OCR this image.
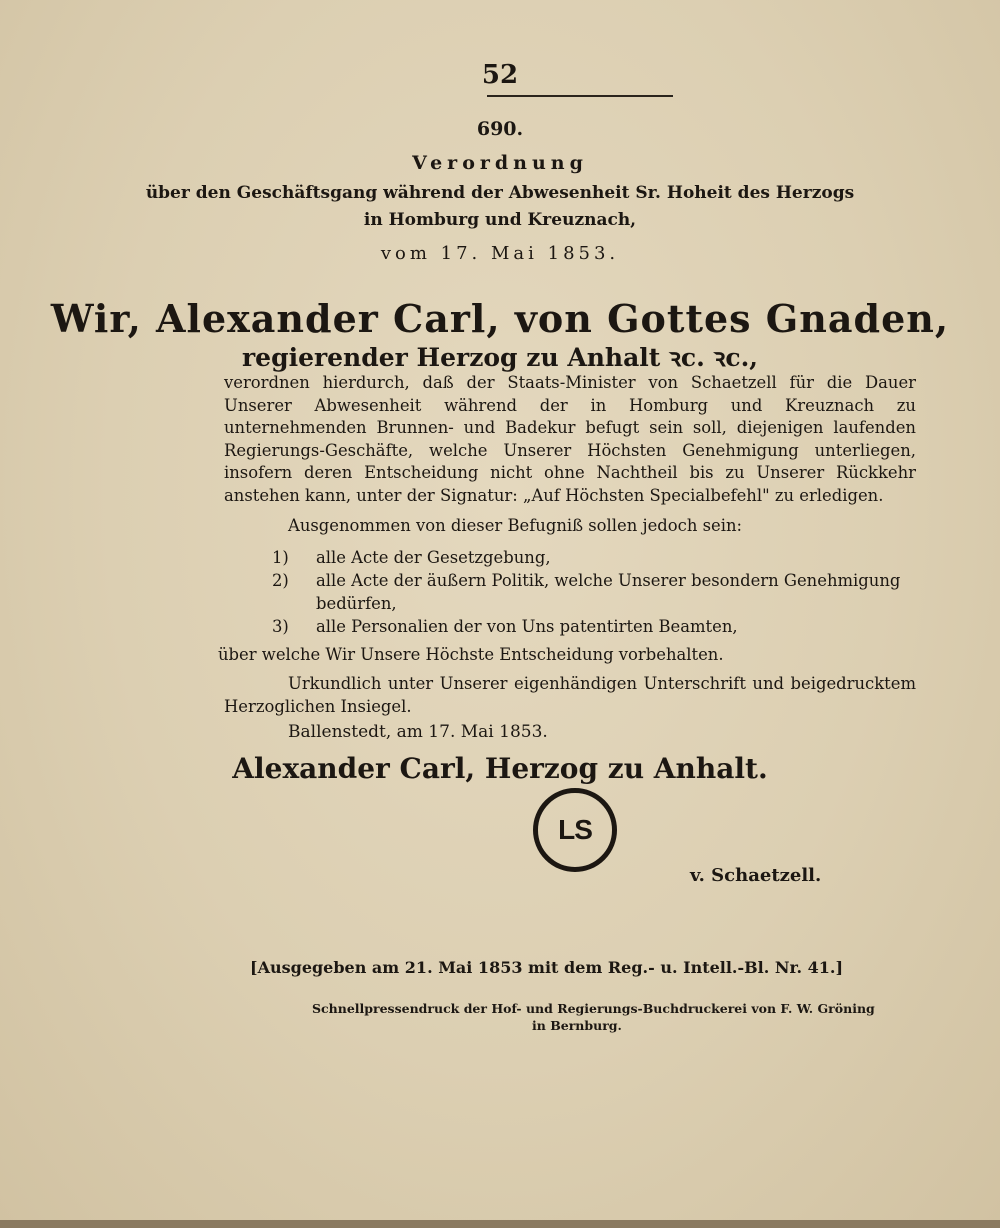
52
690.
Verordnung
über den Geschäftsgang während der Abwesenheit Sr. Hoheit des Herzogs
in Homburg und Kreuznach,
vom 17. Mai 1853.
Wir, Alexander Carl, von Gottes Gnaden,
regierender Herzog zu Anhalt ꝛc. ꝛc.,
verordnen hierdurch, daß der Staats-Minister von Schaetzell für die Dauer Unserer Abwesenheit während der in Homburg und Kreuznach zu unternehmenden Brunnen- und Badekur befugt sein soll, diejenigen laufenden Regierungs-Geschäfte, welche Unserer Höchsten Genehmigung unterliegen, insofern deren Entscheidung nicht ohne Nachtheil bis zu Unserer Rückkehr anstehen kann, unter der Signatur: „Auf Höchsten Specialbefehl" zu erledigen.
Ausgenommen von dieser Befugniß sollen jedoch sein:
1) alle Acte der Gesetzgebung,
2) alle Acte der äußern Politik, welche Unserer besondern Genehmigung bedürfen,
3) alle Personalien der von Uns patentirten Beamten,
über welche Wir Unsere Höchste Entscheidung vorbehalten.
Urkundlich unter Unserer eigenhändigen Unterschrift und beigedrucktem Herzoglichen Insiegel.
Ballenstedt, am 17. Mai 1853.
Alexander Carl, Herzog zu Anhalt.
LS
v. Schaetzell.
[Ausgegeben am 21. Mai 1853 mit dem Reg.- u. Intell.-Bl. Nr. 41.]
Schnellpressendruck der Hof- und Regierungs-Buchdruckerei von F. W. Gröning
in Bernburg.
